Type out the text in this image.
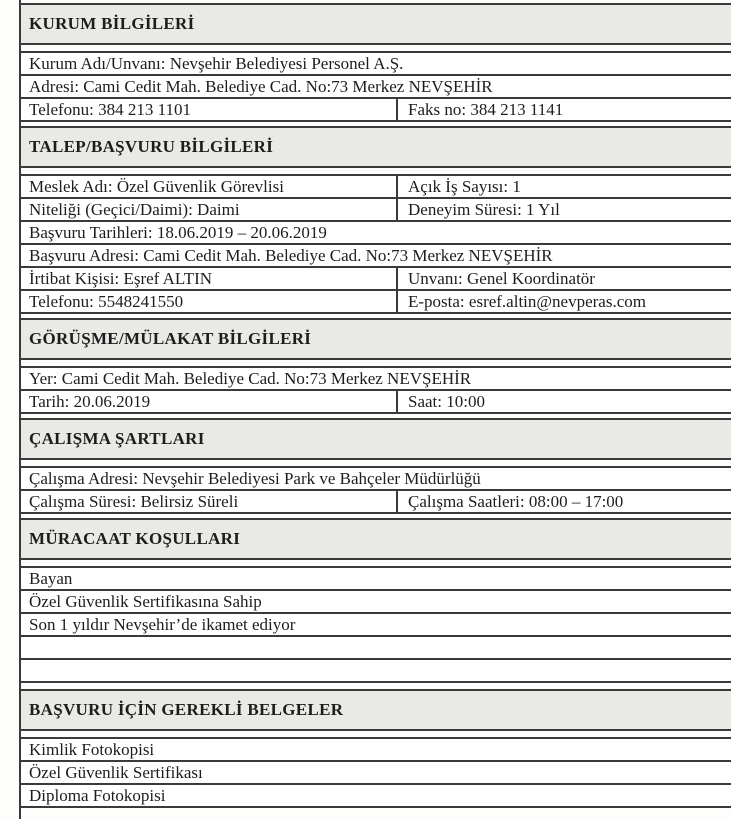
KURUM BİLGİLERİ
Kurum Adı/Unvanı: Nevşehir Belediyesi Personel A.Ş.
Adresi: Cami Cedit Mah. Belediye Cad. No:73 Merkez NEVŞEHİR
Telefonu: 384 213 1101	Faks no: 384 213 1141
TALEP/BAŞVURU BİLGİLERİ
Meslek Adı: Özel Güvenlik Görevlisi	Açık İş Sayısı: 1
Niteliği (Geçici/Daimi): Daimi	Deneyim Süresi: 1 Yıl
Başvuru Tarihleri: 18.06.2019 – 20.06.2019
Başvuru Adresi: Cami Cedit Mah. Belediye Cad. No:73 Merkez NEVŞEHİR
İrtibat Kişisi: Eşref ALTIN	Unvanı: Genel Koordinatör
Telefonu: 5548241550	E-posta: esref.altin@nevperas.com
GÖRÜŞME/MÜLAKAT BİLGİLERİ
Yer: Cami Cedit Mah. Belediye Cad. No:73 Merkez NEVŞEHİR
Tarih: 20.06.2019	Saat: 10:00
ÇALIŞMA ŞARTLARI
Çalışma Adresi: Nevşehir Belediyesi Park ve Bahçeler Müdürlüğü
Çalışma Süresi: Belirsiz Süreli	Çalışma Saatleri: 08:00 – 17:00
MÜRACAAT KOŞULLARI
Bayan
Özel Güvenlik Sertifikasına Sahip
Son 1 yıldır Nevşehir’de ikamet ediyor
BAŞVURU İÇİN GEREKLİ BELGELER
Kimlik Fotokopisi
Özel Güvenlik Sertifikası
Diploma Fotokopisi
